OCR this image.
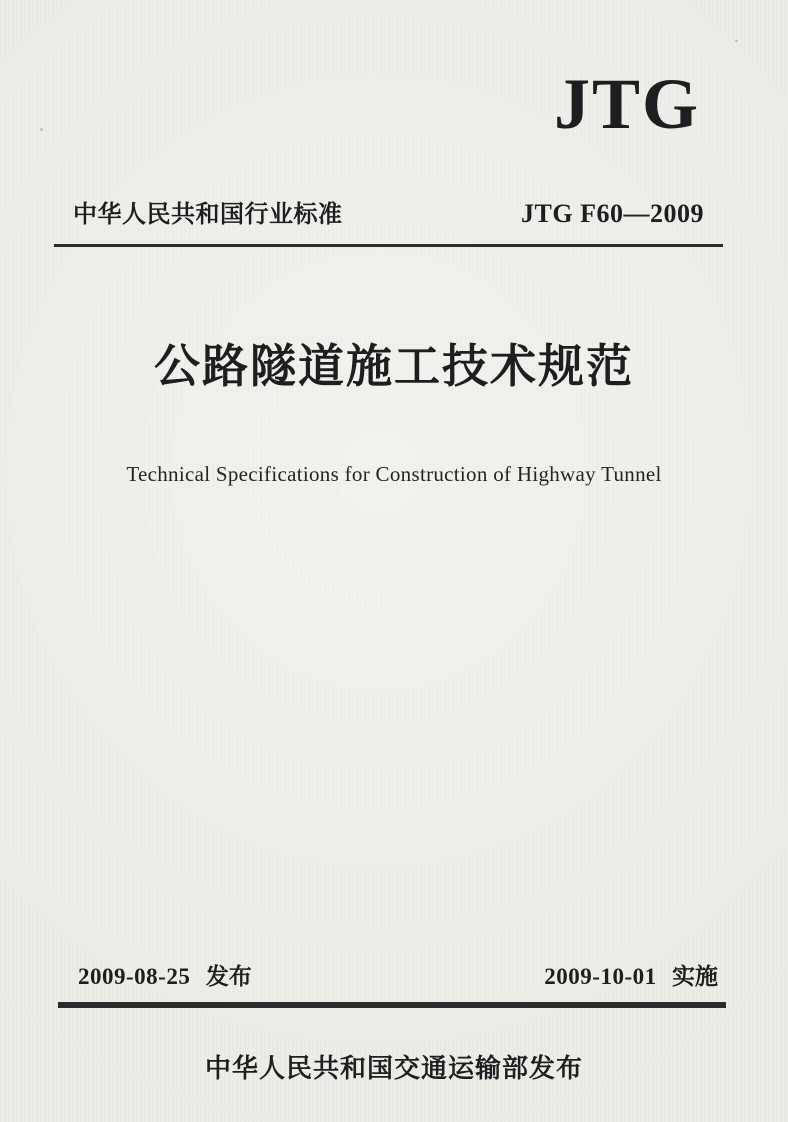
JTG
中华人民共和国行业标准	JTG F60—2009
公路隧道施工技术规范
Technical Specifications for Construction of Highway Tunnel
2009-08-25 发布	2009-10-01 实施
中华人民共和国交通运输部发布
